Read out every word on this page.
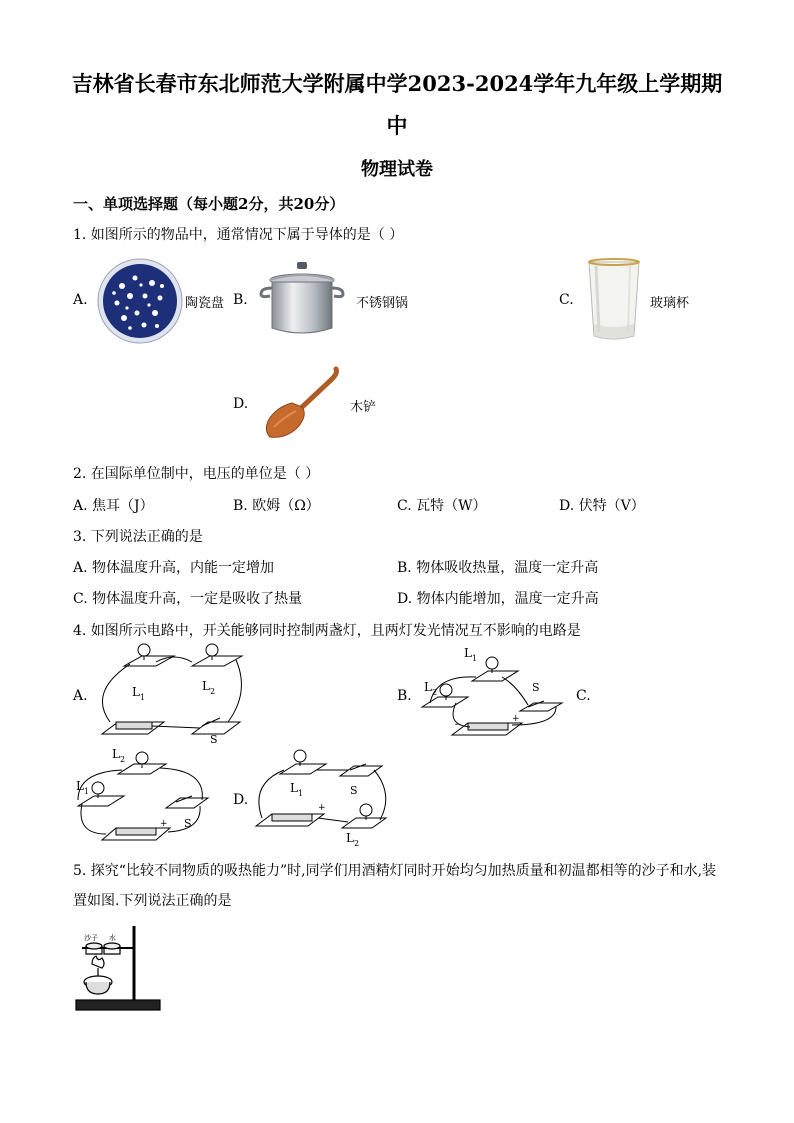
吉林省长春市东北师范大学附属中学2023-2024学年九年级上学期期
中
物理试卷
一、单项选择题（每小题2分，共20分）
1. 如图所示的物品中，通常情况下属于导体的是（ ）
A.	陶瓷盘 B.	不锈钢锅	C.	玻璃杯
D.	木铲
2. 在国际单位制中，电压的单位是（ ）
A. 焦耳（J）	B. 欧姆（Ω）	C. 瓦特（W）	D. 伏特（V）
3. 下列说法正确的是
A. 物体温度升高，内能一定增加	B. 物体吸收热量，温度一定升高
C. 物体温度升高，一定是吸收了热量	D. 物体内能增加，温度一定升高
4. 如图所示电路中，开关能够同时控制两盏灯，且两灯发光情况互不影响的电路是
A.	L 1
L 2
S
B.
L 1
L 2	S
−
+
C.
L 2
L 1
S
+
D.
L 1	S
L 2
+
5. 探究“比较不同物质的吸热能力”时,同学们用酒精灯同时开始均匀加热质量和初温都相等的沙子和水,装
置如图.下列说法正确的是
沙子 水
